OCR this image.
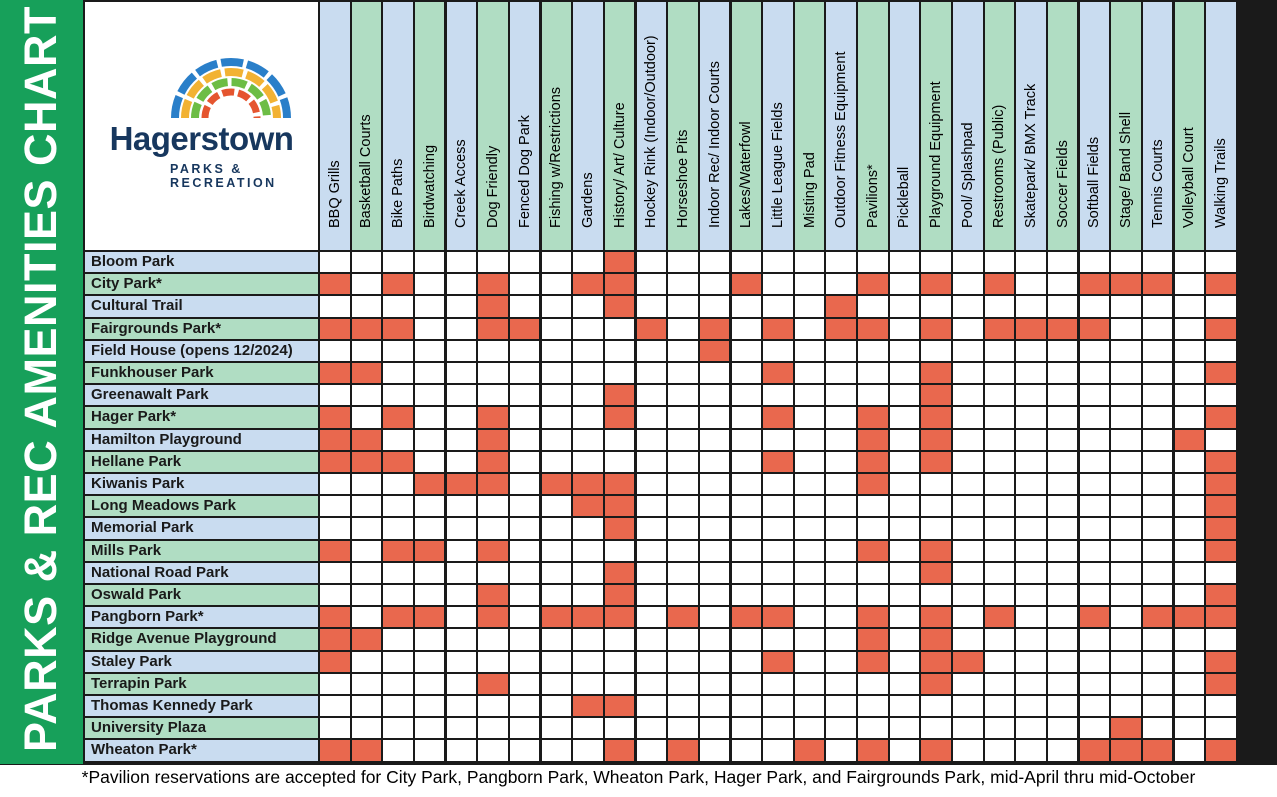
PARKS & REC AMENITIES CHART	Hagerstown
PARKS &
RECREATION	BBQ Grills Basketball Courts Bike Paths Birdwatching Creek Access Dog Friendly Fenced Dog Park Fishing w/Restrictions Gardens History/ Art/ Culture Hockey Rink (Indoor/Outdoor) Horseshoe Pits Indoor Rec/ Indoor Courts Lakes/Waterfowl Little League Fields Misting Pad Outdoor Fitness Equipment Pavilions* Pickleball Playground Equipment Pool/ Splashpad Restrooms (Public) Skatepark/ BMX Track Soccer Fields Softball Fields Stage/ Band Shell Tennis Courts Volleyball Court Walking Trails
Bloom Park
City Park*
Cultural Trail
Fairgrounds Park*
Field House (opens 12/2024)
Funkhouser Park
Greenawalt Park
Hager Park*
Hamilton Playground
Hellane Park
Kiwanis Park
Long Meadows Park
Memorial Park
Mills Park
National Road Park
Oswald Park
Pangborn Park*
Ridge Avenue Playground
Staley Park
Terrapin Park
Thomas Kennedy Park
University Plaza
Wheaton Park*
*Pavilion reservations are accepted for City Park, Pangborn Park, Wheaton Park, Hager Park, and Fairgrounds Park, mid-April thru mid-October
